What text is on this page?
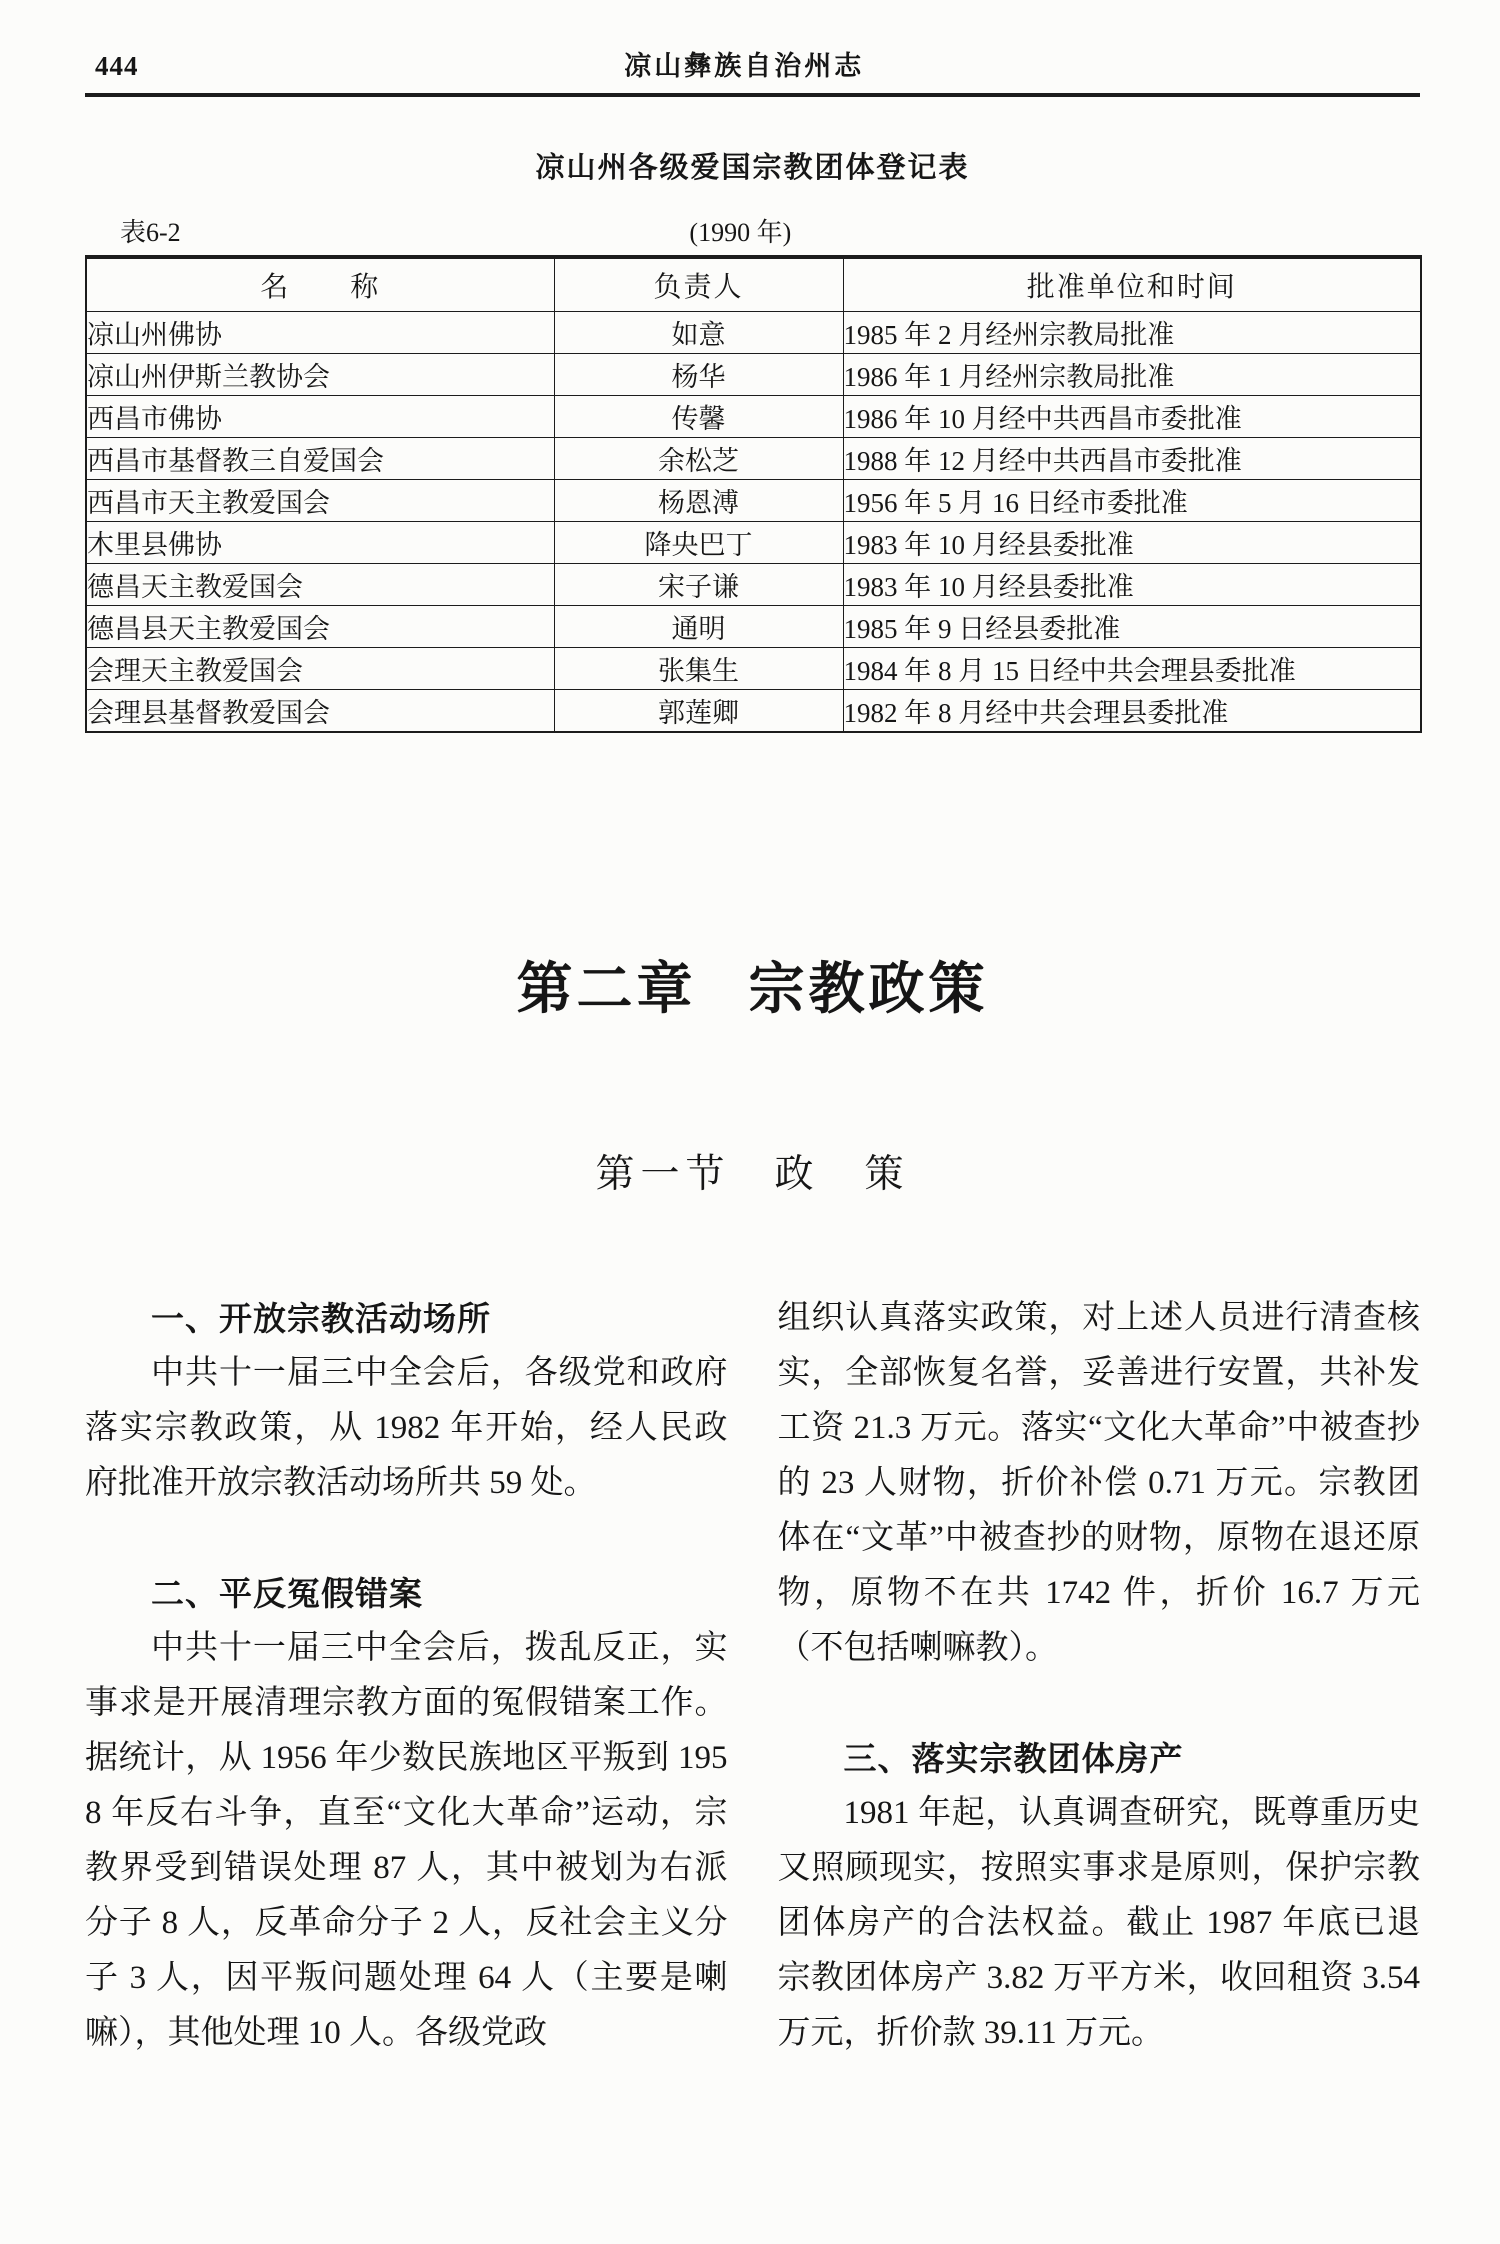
444	凉山彝族自治州志
凉山州各级爱国宗教团体登记表
表6-2	(1990 年)
名　　称	负责人	批准单位和时间
凉山州佛协	如意	1985 年 2 月经州宗教局批准
凉山州伊斯兰教协会	杨华	1986 年 1 月经州宗教局批准
西昌市佛协	传馨	1986 年 10 月经中共西昌市委批准
西昌市基督教三自爱国会	余松芝	1988 年 12 月经中共西昌市委批准
西昌市天主教爱国会	杨恩溥	1956 年 5 月 16 日经市委批准
木里县佛协	降央巴丁	1983 年 10 月经县委批准
德昌天主教爱国会	宋子谦	1983 年 10 月经县委批准
德昌县天主教爱国会	通明	1985 年 9 日经县委批准
会理天主教爱国会	张集生	1984 年 8 月 15 日经中共会理县委批准
会理县基督教爱国会	郭莲卿	1982 年 8 月经中共会理县委批准
第二章 宗教政策
第一节 政　策
一、开放宗教活动场所

中共十一届三中全会后，各级党和政府落实宗教政策，从 1982 年开始，经人民政府批准开放宗教活动场所共 59 处。

二、平反冤假错案

中共十一届三中全会后，拨乱反正，实事求是开展清理宗教方面的冤假错案工作。据统计，从 1956 年少数民族地区平叛到 1958 年反右斗争，直至“文化大革命”运动，宗教界受到错误处理 87 人，其中被划为右派分子 8 人，反革命分子 2 人，反社会主义分子 3 人，因平叛问题处理 64 人（主要是喇嘛），其他处理 10 人。各级党政

组织认真落实政策，对上述人员进行清查核实，全部恢复名誉，妥善进行安置，共补发工资 21.3 万元。落实“文化大革命”中被查抄的 23 人财物，折价补偿 0.71 万元。宗教团体在“文革”中被查抄的财物，原物在退还原物，原物不在共 1742 件，折价 16.7 万元（不包括喇嘛教）。

三、落实宗教团体房产

1981 年起，认真调查研究，既尊重历史又照顾现实，按照实事求是原则，保护宗教团体房产的合法权益。截止 1987 年底已退宗教团体房产 3.82 万平方米，收回租资 3.54 万元，折价款 39.11 万元。
